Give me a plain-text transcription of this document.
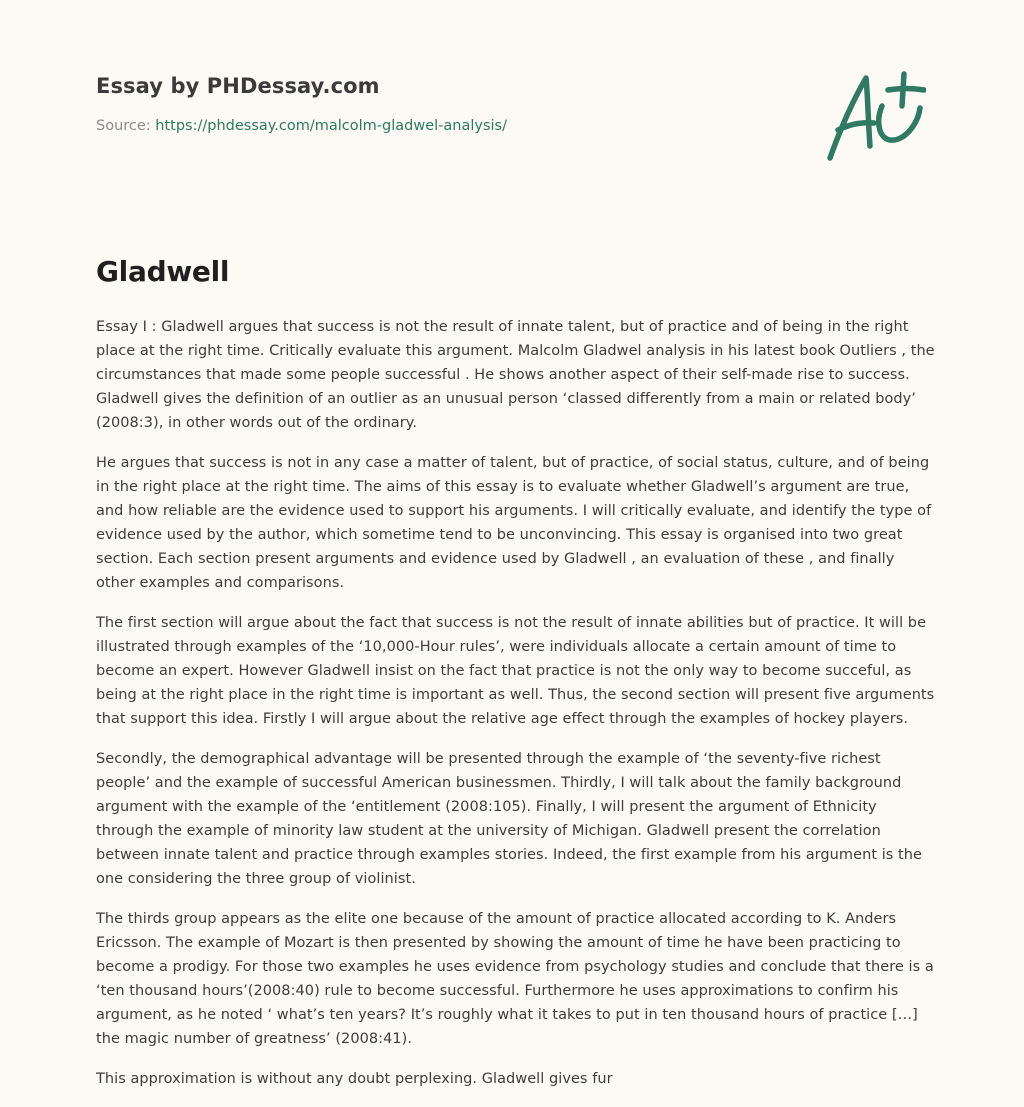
Essay by PHDessay.com
Source: https://phdessay.com/malcolm-gladwel-analysis/
Gladwell

Essay I : Gladwell argues that success is not the result of innate talent, but of practice and of being in the right place at the right time. Critically evaluate this argument. Malcolm Gladwel analysis in his latest book Outliers , the circumstances that made some people successful . He shows another aspect of their self-made rise to success. Gladwell gives the definition of an outlier as an unusual person ‘classed differently from a main or related body’ (2008:3), in other words out of the ordinary.

He argues that success is not in any case a matter of talent, but of practice, of social status, culture, and of being in the right place at the right time. The aims of this essay is to evaluate whether Gladwell’s argument are true, and how reliable are the evidence used to support his arguments. I will critically evaluate, and identify the type of evidence used by the author, which sometime tend to be unconvincing. This essay is organised into two great section. Each section present arguments and evidence used by Gladwell , an evaluation of these , and finally other examples and comparisons.

The first section will argue about the fact that success is not the result of innate abilities but of practice. It will be illustrated through examples of the ‘10,000-Hour rules’, were individuals allocate a certain amount of time to become an expert. However Gladwell insist on the fact that practice is not the only way to become succeful, as being at the right place in the right time is important as well. Thus, the second section will present five arguments that support this idea. Firstly I will argue about the relative age effect through the examples of hockey players.

Secondly, the demographical advantage will be presented through the example of ‘the seventy-five richest people’ and the example of successful American businessmen. Thirdly, I will talk about the family background argument with the example of the ‘entitlement (2008:105). Finally, I will present the argument of Ethnicity through the example of minority law student at the university of Michigan. Gladwell present the correlation between innate talent and practice through examples stories. Indeed, the first example from his argument is the one considering the three group of violinist.

The thirds group appears as the elite one because of the amount of practice allocated according to K. Anders Ericsson. The example of Mozart is then presented by showing the amount of time he have been practicing to become a prodigy. For those two examples he uses evidence from psychology studies and conclude that there is a ‘ten thousand hours’(2008:40) rule to become successful. Furthermore he uses approximations to confirm his argument, as he noted ‘ what’s ten years? It’s roughly what it takes to put in ten thousand hours of practice […] the magic number of greatness’ (2008:41).

This approximation is without any doubt perplexing. Gladwell gives fur
